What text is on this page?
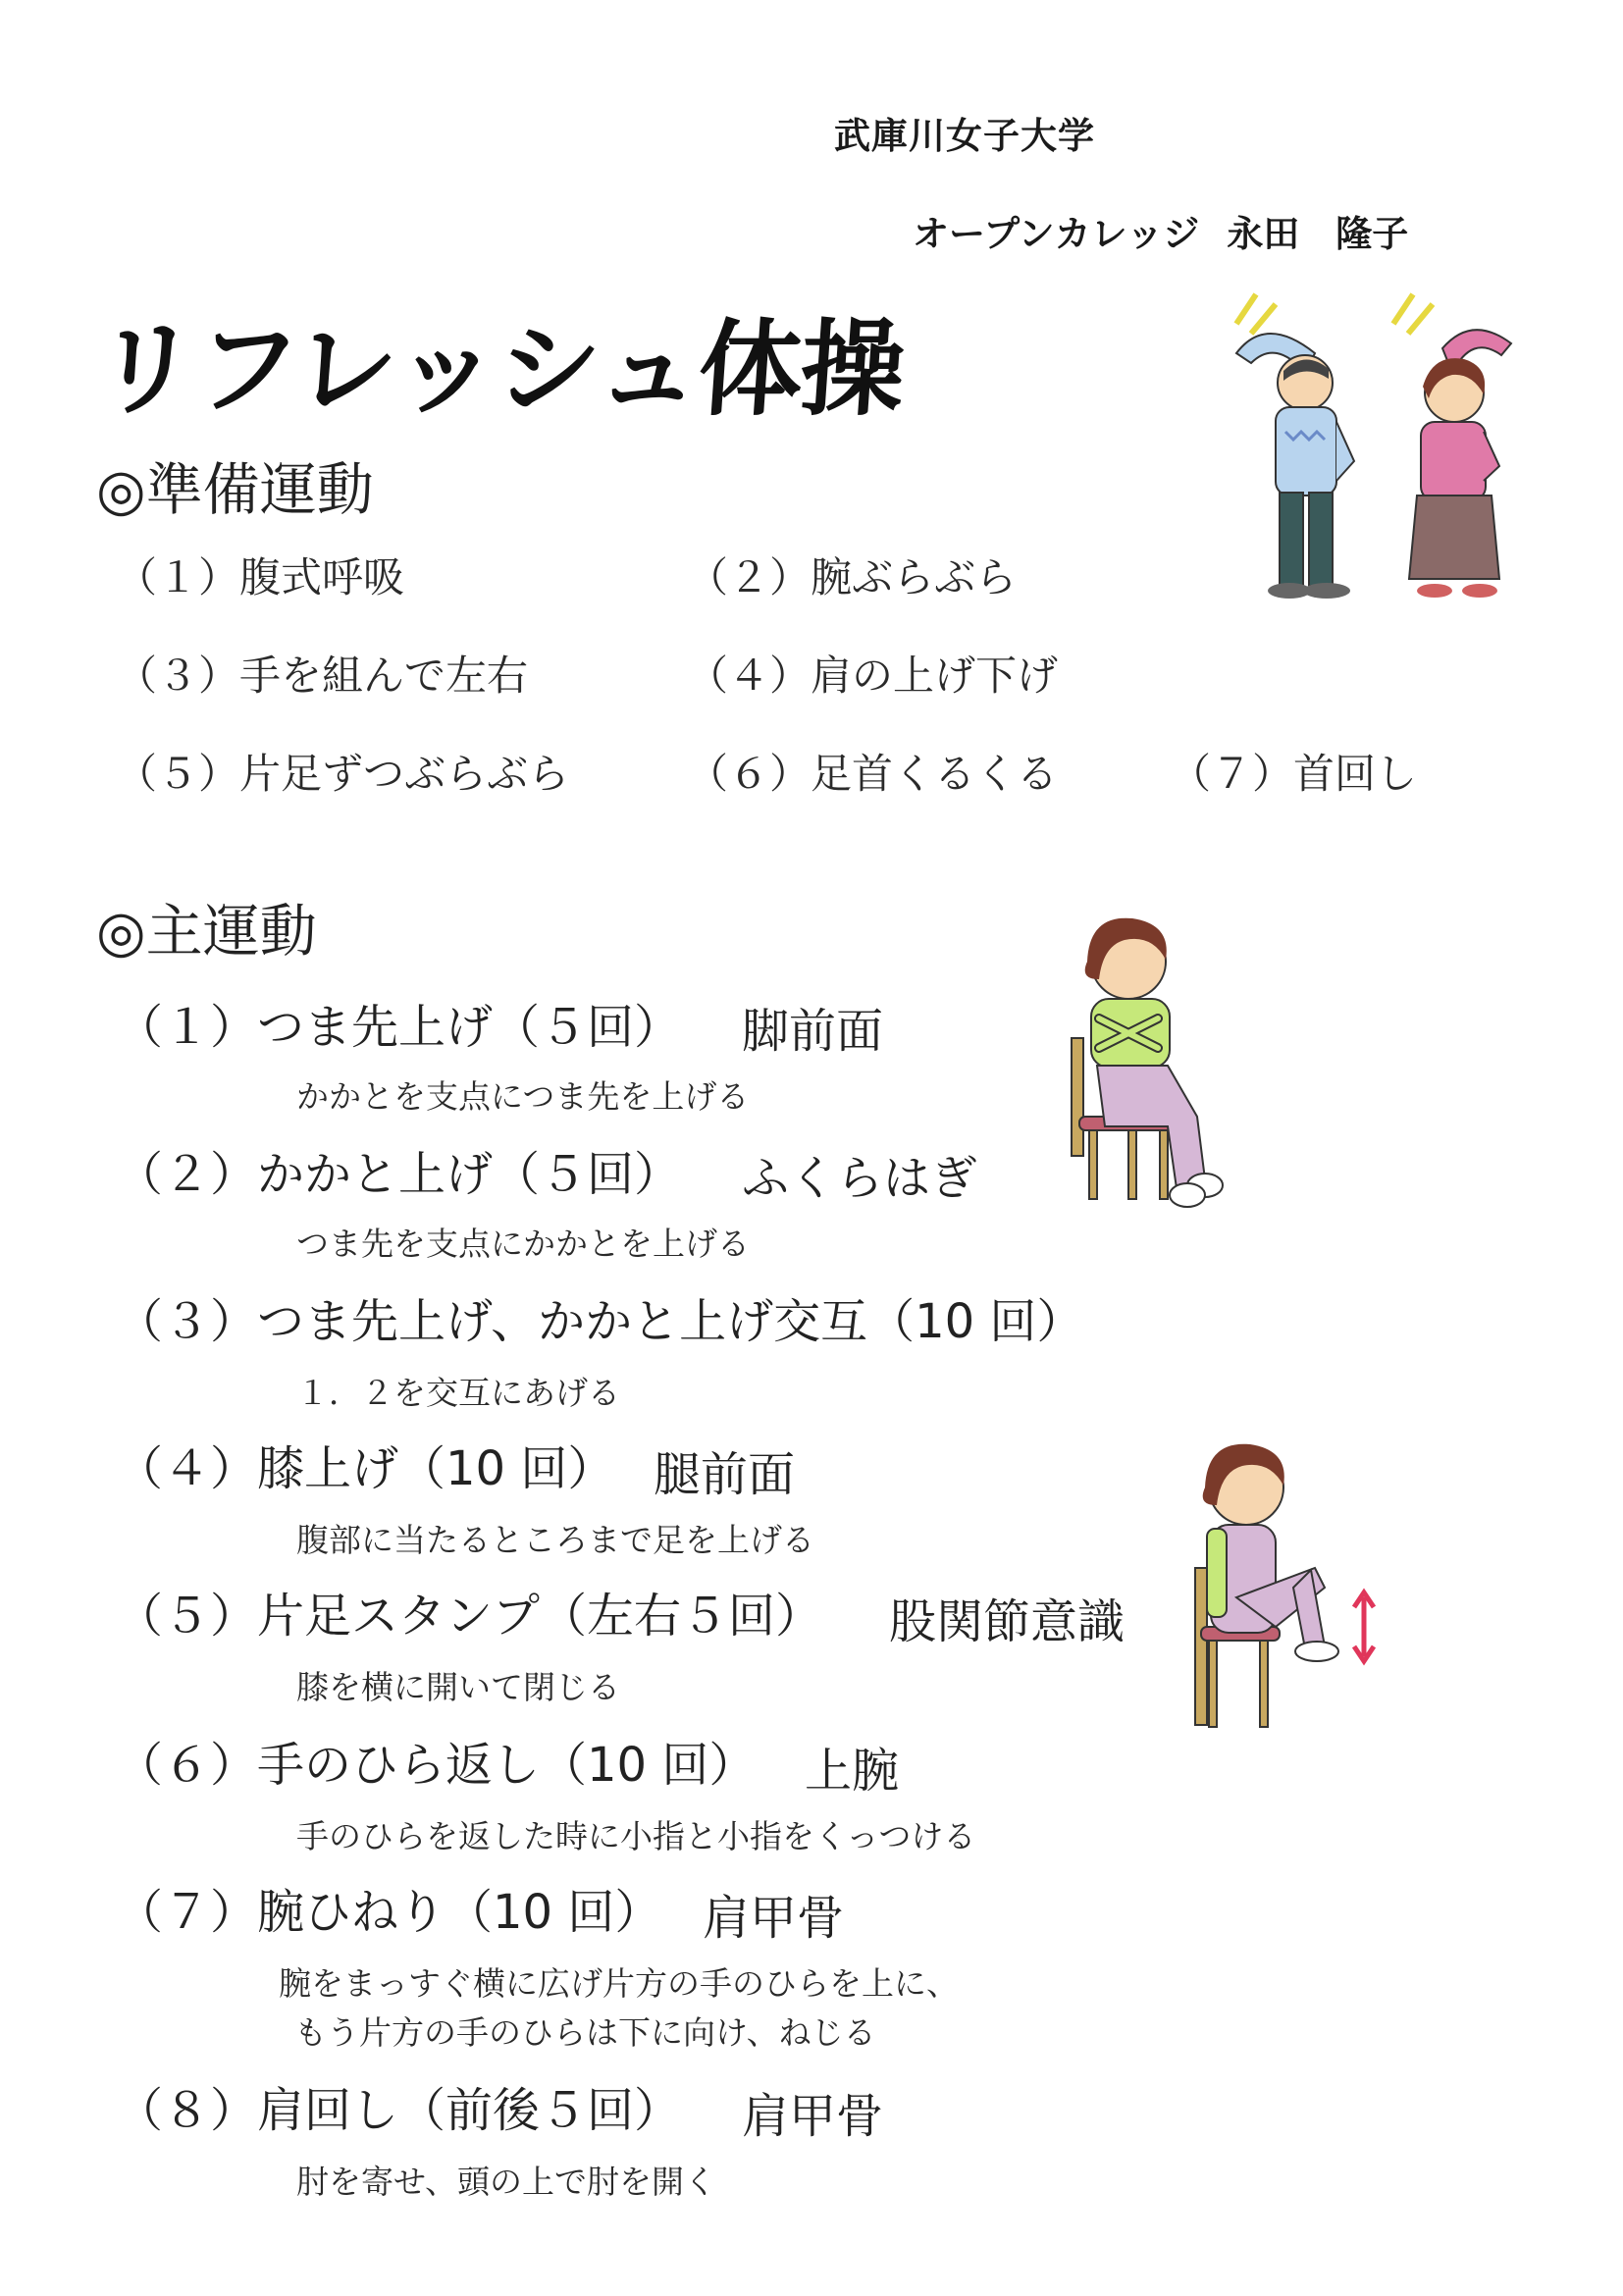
武庫川女子大学
オープンカレッジ 永田　隆子
リフレッシュ体操
◎準備運動
（１）腹式呼吸	（２）腕ぶらぶら
（３）手を組んで左右	（４）肩の上げ下げ
（５）片足ずつぶらぶら	（６）足首くるくる	（７）首回し
◎主運動
（１）つま先上げ（５回） 脚前面
かかとを支点につま先を上げる
（２）かかと上げ（５回） ふくらはぎ
つま先を支点にかかとを上げる
（３）つま先上げ、かかと上げ交互（10 回）
１．２を交互にあげる
（４）膝上げ（10 回） 腿前面
腹部に当たるところまで足を上げる
（５）片足スタンプ（左右５回） 股関節意識
膝を横に開いて閉じる
（６）手のひら返し（10 回） 上腕
手のひらを返した時に小指と小指をくっつける
（７）腕ひねり（10 回） 肩甲骨
腕をまっすぐ横に広げ片方の手のひらを上に、
もう片方の手のひらは下に向け、ねじる
（８）肩回し（前後５回） 肩甲骨
肘を寄せ、頭の上で肘を開く
